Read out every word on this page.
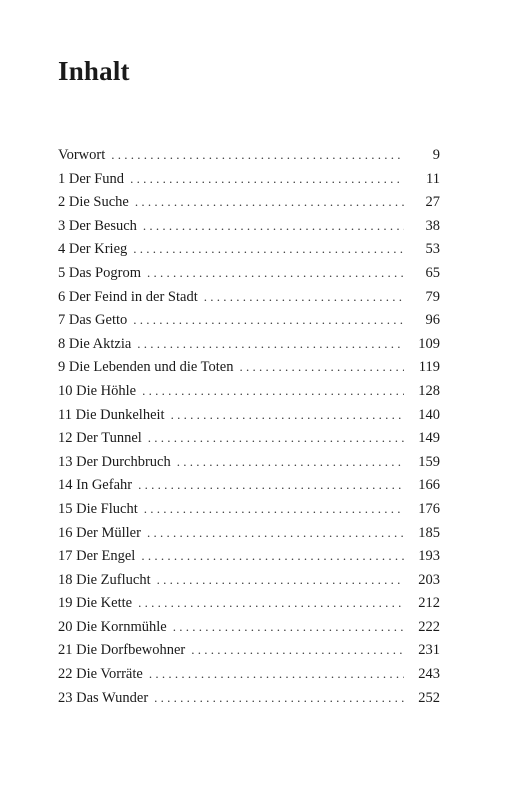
Inhalt
Vorwort . . .	9
1 Der Fund . . .	11
2 Die Suche . . .	27
3 Der Besuch . . .	38
4 Der Krieg . . .	53
5 Das Pogrom . . .	65
6 Der Feind in der Stadt . . .	79
7 Das Getto . . .	96
8 Die Aktzia . . .	109
9 Die Lebenden und die Toten . . .	119
10 Die Höhle . . .	128
11 Die Dunkelheit . . .	140
12 Der Tunnel . . .	149
13 Der Durchbruch . . .	159
14 In Gefahr . . .	166
15 Die Flucht . . .	176
16 Der Müller . . .	185
17 Der Engel . . .	193
18 Die Zuflucht . . .	203
19 Die Kette . . .	212
20 Die Kornmühle . . .	222
21 Die Dorfbewohner . . .	231
22 Die Vorräte . . .	243
23 Das Wunder . . .	252
